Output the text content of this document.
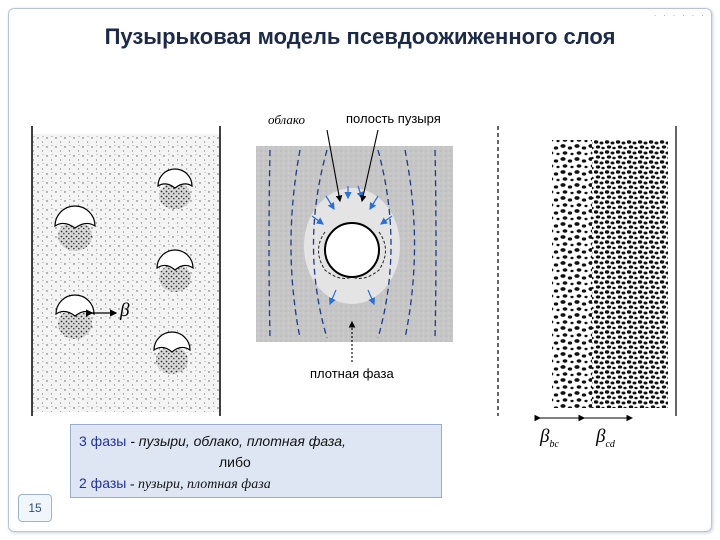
· · · · · ·
Пузырьковая модель псевдоожиженного слоя
облако	полость пузыря
плотная фаза
β
$\beta_{bc}$ $\beta_{cd}$
3 фазы - пузыри, облако, плотная фаза,
либо
2 фазы - пузыри, плотная фаза
15
